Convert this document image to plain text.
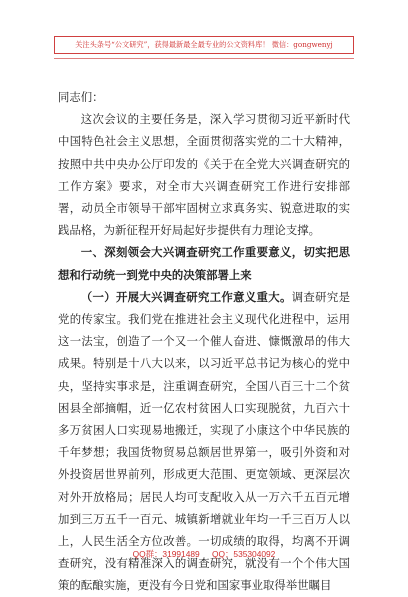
关注头条号“公文研究”，获得最新最全最专业的公文资料库！ 微信：gongwenyj

同志们：

这次会议的主要任务是，深入学习贯彻习近平新时代中国特色社会主义思想，全面贯彻落实党的二十大精神，按照中共中央办公厅印发的《关于在全党大兴调查研究的工作方案》要求，对全市大兴调查研究工作进行安排部署，动员全市领导干部牢固树立求真务实、锐意进取的实践品格，为新征程开好局起好步提供有力理论支撑。

一、深刻领会大兴调查研究工作重要意义，切实把思想和行动统一到党中央的决策部署上来

（一）开展大兴调查研究工作意义重大。调查研究是党的传家宝。我们党在推进社会主义现代化进程中，运用这一法宝，创造了一个又一个催人奋进、慷慨激昂的伟大成果。特别是十八大以来，以习近平总书记为核心的党中央，坚持实事求是，注重调查研究，全国八百三十二个贫困县全部摘帽，近一亿农村贫困人口实现脱贫，九百六十多万贫困人口实现易地搬迁，实现了小康这个中华民族的千年梦想；我国货物贸易总额居世界第一，吸引外资和对外投资居世界前列，形成更大范围、更宽领域、更深层次对外开放格局；居民人均可支配收入从一万六千五百元增加到三万五千一百元、城镇新增就业年均一千三百万人以上，人民生活全方位改善。一切成绩的取得，均离不开调查研究，没有精准深入的调查研究，就没有一个个伟大国策的酝酿实施，更没有今日党和国家事业取得举世瞩目

QQ群：31991489 QQ：535304092
